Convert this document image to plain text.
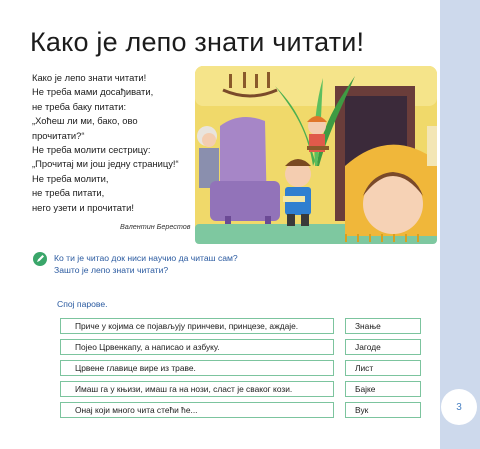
3
Како је лепо знати читати!
Како је лепо знати читати!
Не треба мами досађивати,
не треба баку питати:
„Хоћеш ли ми, бако, ово
прочитати?“
Не треба молити сестрицу:
„Прочитај ми још једну страницу!“
Не треба молити,
не треба питати,
него узети и прочитати!
Валентин Берестов
Ко ти је читао док ниси научио да читаш сам?
Зашто је лепо знати читати?
Спој парове.
Приче у којима се појављују принчеви, принцезе, аждаје.
Појео Црвенкапу, а написао и азбуку.
Црвене главице вире из траве.
Имаш га у књизи, имаш га на нози, сласт је сваког кози.
Онај који много чита стећи ће...
Знање
Јагоде
Лист
Бајке
Вук
